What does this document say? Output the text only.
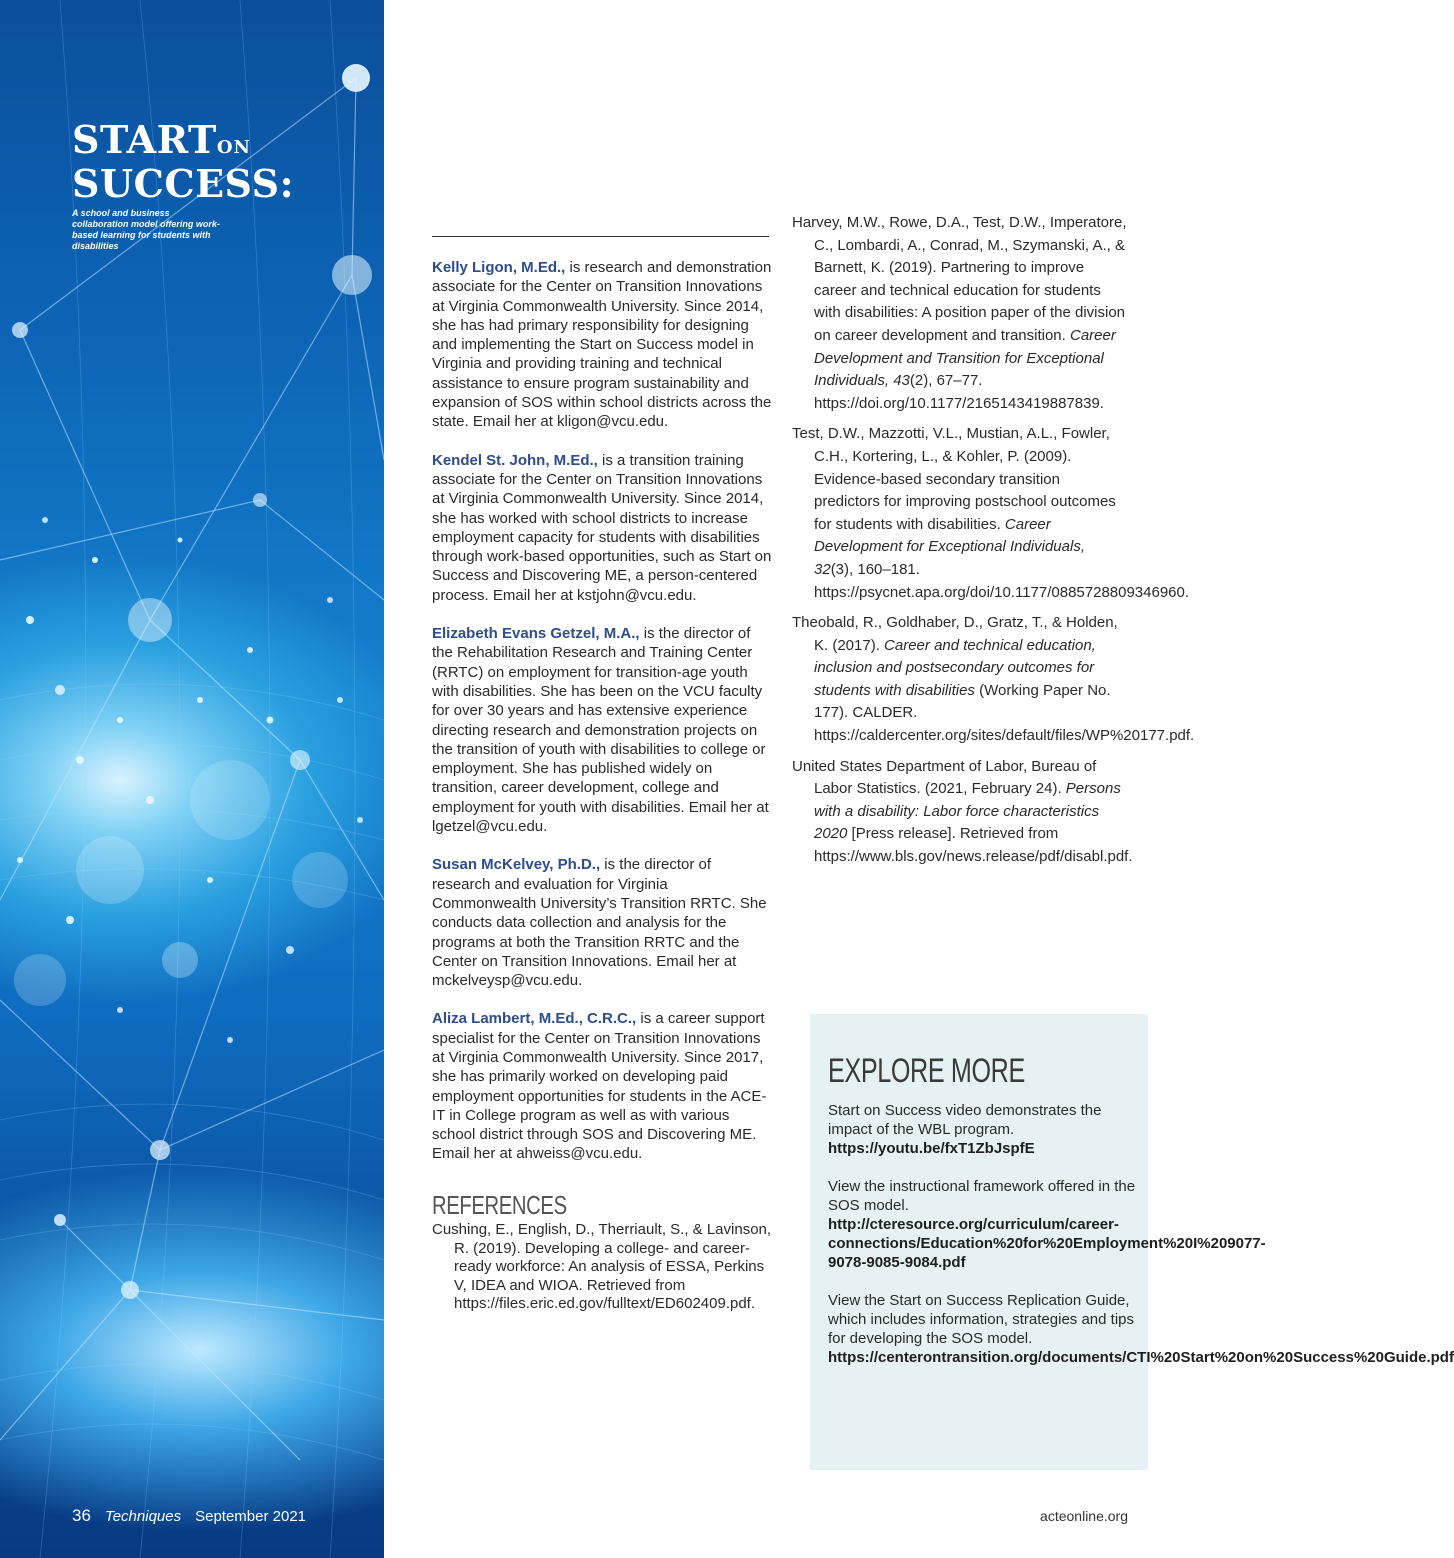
STARTON
SUCCESS:
A school and business collaboration model offering work-based learning for students with disabilities
36 Techniques September 2021

Kelly Ligon, M.Ed., is research and demonstration associate for the Center on Transition Innovations at Virginia Commonwealth University. Since 2014, she has had primary responsibility for designing and implementing the Start on Success model in Virginia and providing training and technical assistance to ensure program sustainability and expansion of SOS within school districts across the state. Email her at kligon@vcu.edu.

Kendel St. John, M.Ed., is a transition training associate for the Center on Transition Innovations at Virginia Commonwealth University. Since 2014, she has worked with school districts to increase employment capacity for students with disabilities through work-based opportunities, such as Start on Success and Discovering ME, a person-centered process. Email her at kstjohn@vcu.edu.

Elizabeth Evans Getzel, M.A., is the director of the Rehabilitation Research and Training Center (RRTC) on employment for transition-age youth with disabilities. She has been on the VCU faculty for over 30 years and has extensive experience directing research and demonstration projects on the transition of youth with disabilities to college or employment. She has published widely on transition, career development, college and employment for youth with disabilities. Email her at lgetzel@vcu.edu.

Susan McKelvey, Ph.D., is the director of research and evaluation for Virginia Commonwealth University’s Transition RRTC. She conducts data collection and analysis for the programs at both the Transition RRTC and the Center on Transition Innovations. Email her at mckelveysp@vcu.edu.

Aliza Lambert, M.Ed., C.R.C., is a career support specialist for the Center on Transition Innovations at Virginia Commonwealth University. Since 2017, she has primarily worked on developing paid employment opportunities for students in the ACE-IT in College program as well as with various school district through SOS and Discovering ME. Email her at ahweiss@vcu.edu.

REFERENCES

Cushing, E., English, D., Therriault, S., & Lavinson, R. (2019). Developing a college- and career-ready workforce: An analysis of ESSA, Perkins V, IDEA and WIOA. Retrieved from https://files.eric.ed.gov/fulltext/ED602409.pdf.

Harvey, M.W., Rowe, D.A., Test, D.W., Imperatore, C., Lombardi, A., Conrad, M., Szymanski, A., & Barnett, K. (2019). Partnering to improve career and technical education for students with disabilities: A position paper of the division on career development and transition. Career Development and Transition for Exceptional Individuals, 43(2), 67–77. https://doi.org/10.1177/2165143419887839.

Test, D.W., Mazzotti, V.L., Mustian, A.L., Fowler, C.H., Kortering, L., & Kohler, P. (2009). Evidence-based secondary transition predictors for improving postschool outcomes for students with disabilities. Career Development for Exceptional Individuals, 32(3), 160–181. https://psycnet.apa.org/doi/10.1177/0885728809346960.

Theobald, R., Goldhaber, D., Gratz, T., & Holden, K. (2017). Career and technical education, inclusion and postsecondary outcomes for students with disabilities (Working Paper No. 177). CALDER. https://caldercenter.org/sites/default/files/WP%20177.pdf.

United States Department of Labor, Bureau of Labor Statistics. (2021, February 24). Persons with a disability: Labor force characteristics 2020 [Press release]. Retrieved from https://www.bls.gov/news.release/pdf/disabl.pdf.

EXPLORE MORE

Start on Success video demonstrates the impact of the WBL program.
https://youtu.be/fxT1ZbJspfE

View the instructional framework offered in the SOS model.
http://cteresource.org/curriculum/career-connections/Education%20for%20Employment%20I%209077-9078-9085-9084.pdf

View the Start on Success Replication Guide, which includes information, strategies and tips for developing the SOS model. https://centerontransition.org/documents/CTI%20Start%20on%20Success%20Guide.pdf

acteonline.org
